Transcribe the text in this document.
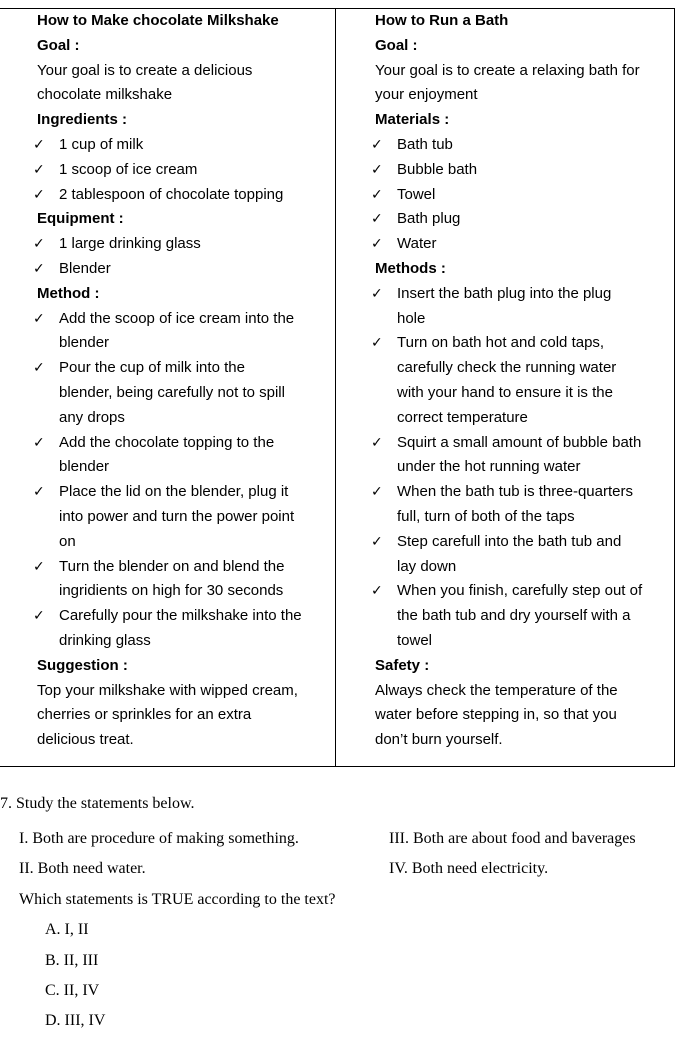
How to Make chocolate Milkshake
Goal :
Your goal is to create a delicious
chocolate milkshake
Ingredients :
✓ 1 cup of milk
✓ 1 scoop of ice cream
✓ 2 tablespoon of chocolate topping
Equipment :
✓ 1 large drinking glass
✓ Blender
Method :
✓ Add the scoop of ice cream into the
blender
✓ Pour the cup of milk into the
blender, being carefully not to spill
any drops
✓ Add the chocolate topping to the
blender
✓ Place the lid on the blender, plug it
into power and turn the power point
on
✓ Turn the blender on and blend the
ingridients on high for 30 seconds
✓ Carefully pour the milkshake into the
drinking glass
Suggestion :
Top your milkshake with wipped cream,
cherries or sprinkles for an extra
delicious treat.
How to Run a Bath
Goal :
Your goal is to create a relaxing bath for
your enjoyment
Materials :
✓ Bath tub
✓ Bubble bath
✓ Towel
✓ Bath plug
✓ Water
Methods :
✓ Insert the bath plug into the plug
hole
✓ Turn on bath hot and cold taps,
carefully check the running water
with your hand to ensure it is the
correct temperature
✓ Squirt a small amount of bubble bath
under the hot running water
✓ When the bath tub is three-quarters
full, turn of both of the taps
✓ Step carefull into the bath tub and
lay down
✓ When you finish, carefully step out of
the bath tub and dry yourself with a
towel
Safety :
Always check the temperature of the
water before stepping in, so that you
don’t burn yourself.
7. Study the statements below.
I. Both are procedure of making something.	III. Both are about food and baverages
II. Both need water.	IV. Both need electricity.
Which statements is TRUE according to the text?
A. I, II
B. II, III
C. II, IV
D. III, IV
